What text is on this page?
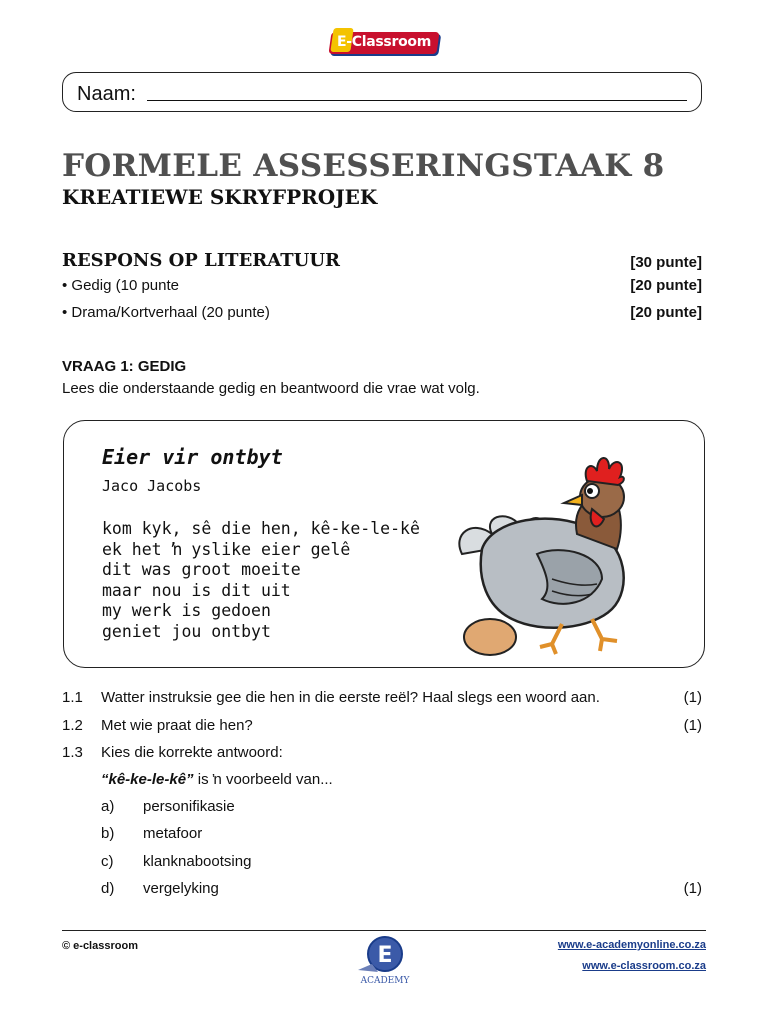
E-Classroom
Naam:
FORMELE ASSESSERINGSTAAK 8
KREATIEWE SKRYFPROJEK
RESPONS OP LITERATUUR	[30 punte]
• Gedig (10 punte	[20 punte]
• Drama/Kortverhaal (20 punte)	[20 punte]
VRAAG 1: GEDIG
Lees die onderstaande gedig en beantwoord die vrae wat volg.
Eier vir ontbyt
Jaco Jacobs
kom kyk, sê die hen, kê-ke-le-kê
ek het ŉ yslike eier gelê
dit was groot moeite
maar nou is dit uit
my werk is gedoen
geniet jou ontbyt
1.1 Watter instruksie gee die hen in die eerste reël? Haal slegs een woord aan.	(1)
1.2 Met wie praat die hen?	(1)
1.3 Kies die korrekte antwoord:
“kê-ke-le-kê” is ŉ voorbeeld van...
a) personifikasie
b) metafoor
c) klanknabootsing
d) vergelyking	(1)
© e-classroom	E
ACADEMY
www.e-academyonline.co.za
www.e-classroom.co.za
